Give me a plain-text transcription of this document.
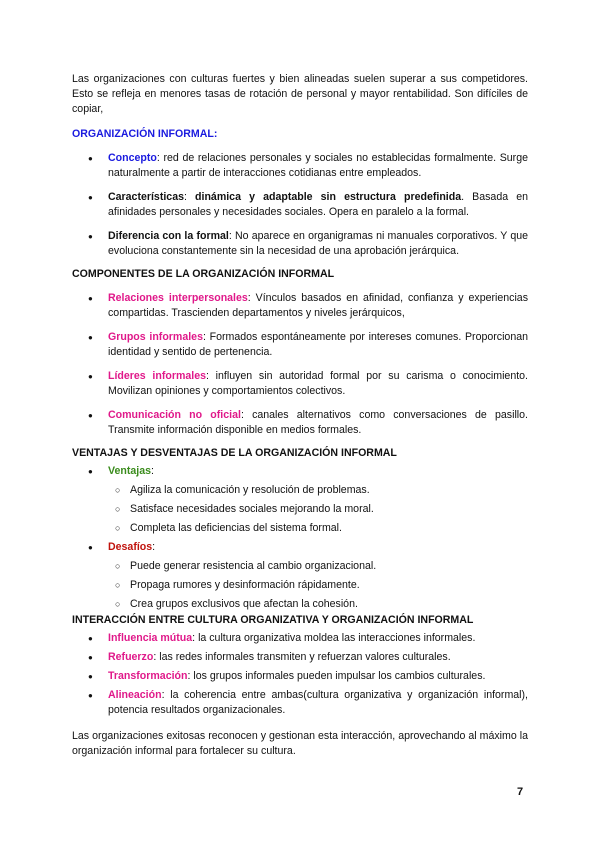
Las organizaciones con culturas fuertes y bien alineadas suelen superar a sus competidores. Esto se refleja en menores tasas de rotación de personal y mayor rentabilidad. Son difíciles de copiar,

ORGANIZACIÓN INFORMAL:

● Concepto: red de relaciones personales y sociales no establecidas formalmente. Surge naturalmente a partir de interacciones cotidianas entre empleados.
● Características: dinámica y adaptable sin estructura predefinida. Basada en afinidades personales y necesidades sociales. Opera en paralelo a la formal.
● Diferencia con la formal: No aparece en organigramas ni manuales corporativos. Y que evoluciona constantemente sin la necesidad de una aprobación jerárquica.

COMPONENTES DE LA ORGANIZACIÓN INFORMAL

● Relaciones interpersonales: Vínculos basados en afinidad, confianza y experiencias compartidas. Trascienden departamentos y niveles jerárquicos,
● Grupos informales: Formados espontáneamente por intereses comunes. Proporcionan identidad y sentido de pertenencia.
● Líderes informales: influyen sin autoridad formal por su carisma o conocimiento. Movilizan opiniones y comportamientos colectivos.
● Comunicación no oficial: canales alternativos como conversaciones de pasillo. Transmite información disponible en medios formales.

VENTAJAS Y DESVENTAJAS DE LA ORGANIZACIÓN INFORMAL

● Ventajas:
○ Agiliza la comunicación y resolución de problemas.
○ Satisface necesidades sociales mejorando la moral.
○ Completa las deficiencias del sistema formal.
● Desafíos:
○ Puede generar resistencia al cambio organizacional.
○ Propaga rumores y desinformación rápidamente.
○ Crea grupos exclusivos que afectan la cohesión.

INTERACCIÓN ENTRE CULTURA ORGANIZATIVA Y ORGANIZACIÓN INFORMAL

● Influencia mútua: la cultura organizativa moldea las interacciones informales.
● Refuerzo: las redes informales transmiten y refuerzan valores culturales.
● Transformación: los grupos informales pueden impulsar los cambios culturales.
● Alineación: la coherencia entre ambas(cultura organizativa y organización informal), potencia resultados organizacionales.

Las organizaciones exitosas reconocen y gestionan esta interacción, aprovechando al máximo la organización informal para fortalecer su cultura.

7
